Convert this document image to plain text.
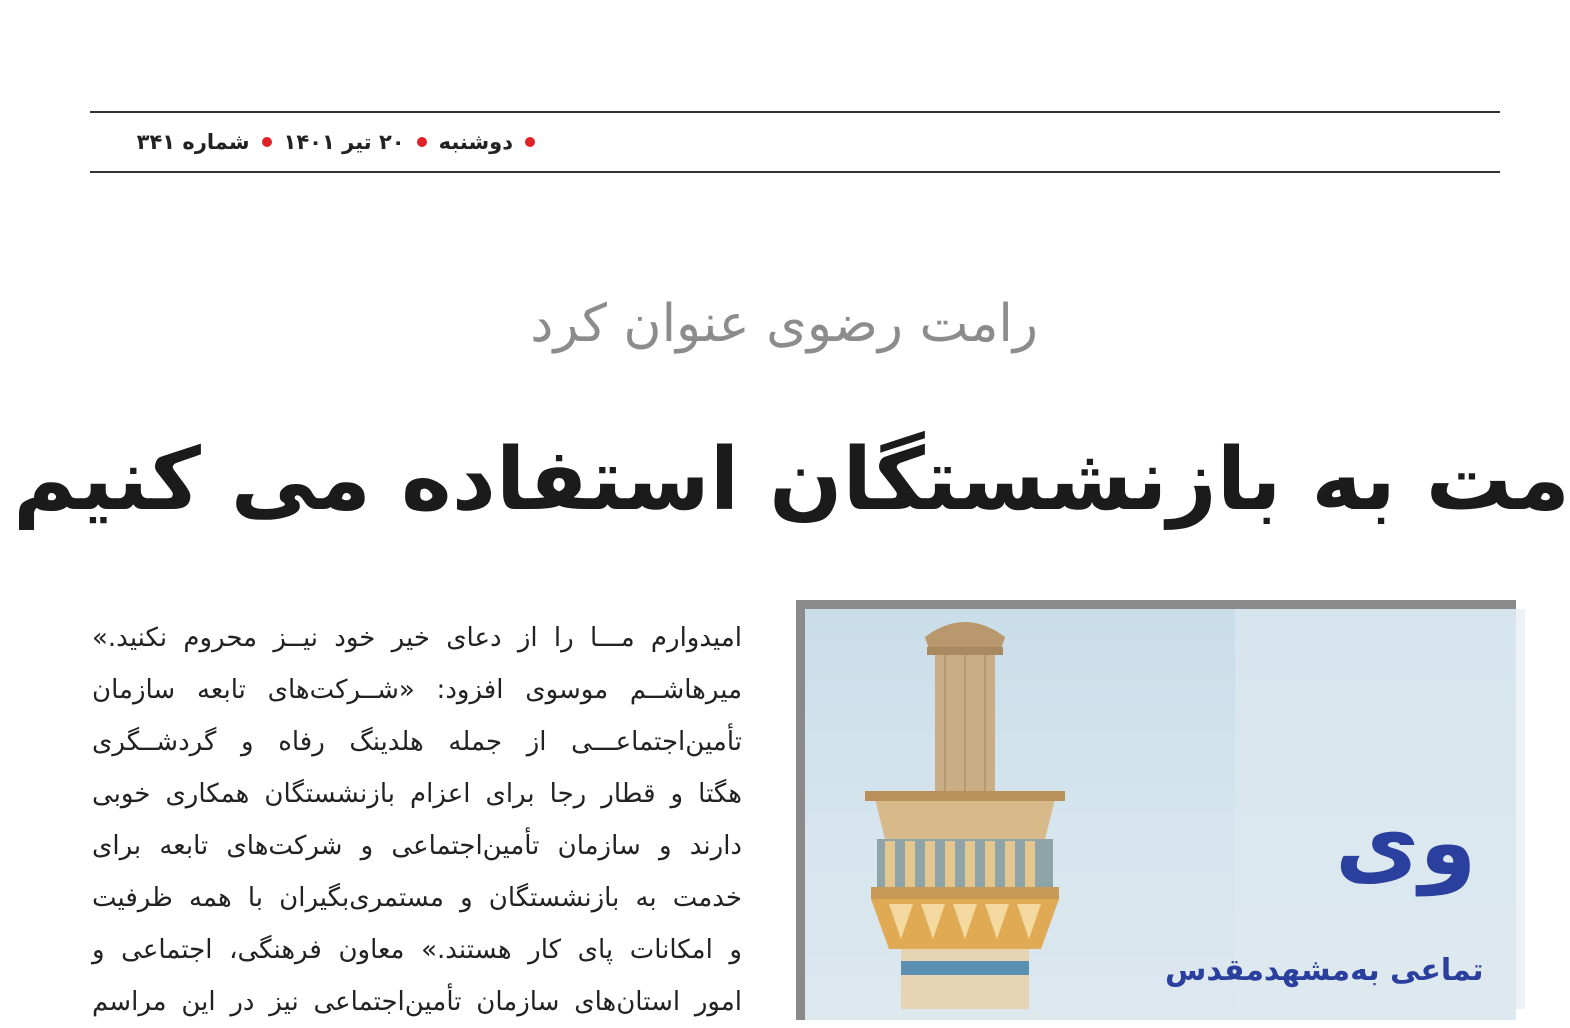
دوشنبه
۲۰ تیر ۱۴۰۱
شماره ۳۴۱
رامت رضوی عنوان کرد
مت به بازنشستگان استفاده می کنیم

امیدوارم مـــا را از دعای خیر خود نیــز محروم نکنید.»

میرهاشــم موسوی افزود: «شــرکت‌های تابعه سازمان

تأمین‌اجتماعـــی از جمله هلدینگ رفاه و گردشــگری

هگتا و قطار رجا برای اعزام بازنشستگان همکاری خوبی

دارند و سازمان تأمین‌اجتماعی و شرکت‌های تابعه برای

خدمت به بازنشستگان و مستمری‌بگیران با همه ظرفیت

و امکانات پای کار هستند.» معاون فرهنگی، اجتماعی و

امور استان‌های سازمان تأمین‌اجتماعی نیز در این مراسم

وی
تماعی به‌مشهدمقدس
